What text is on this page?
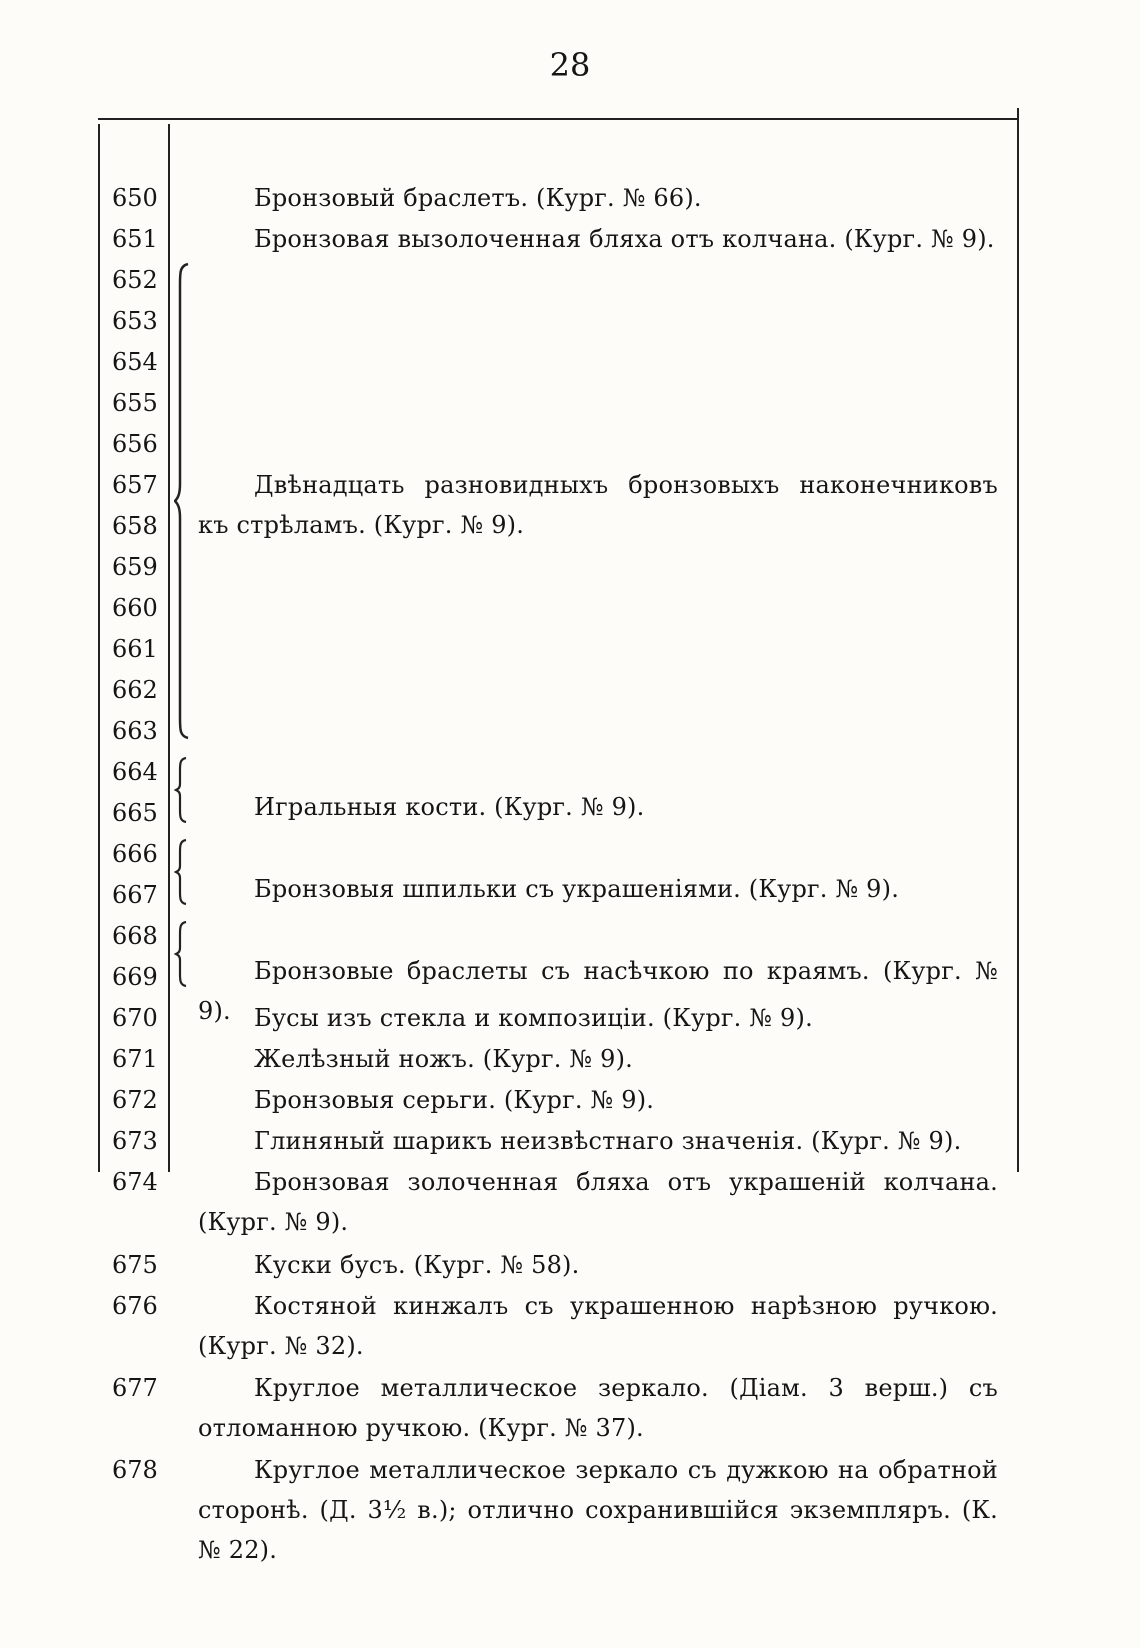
28
650
651
652
653
654
655
656
657
658
659
660
661
662
663
664
665
666
667
668
669
670
671
672
673
674
675
676
677
678
Бронзовый браслетъ. (Кург. № 66).
Бронзовая вызолоченная бляха отъ колчана. (Кург. № 9).
Двѣнадцать разновидныхъ бронзовыхъ наконечниковъ къ стрѣламъ. (Кург. № 9).
Игральныя кости. (Кург. № 9).
Бронзовыя шпильки съ украшеніями. (Кург. № 9).
Бронзовые браслеты съ насѣчкою по краямъ. (Кург. № 9). Бусы изъ стекла и композиціи. (Кург. № 9).
Желѣзный ножъ. (Кург. № 9).
Бронзовыя серьги. (Кург. № 9).
Глиняный шарикъ неизвѣстнаго значенія. (Кург. № 9).
Бронзовая золоченная бляха отъ украшеній колчана. (Кург. № 9).
Куски бусъ. (Кург. № 58).
Костяной кинжалъ съ украшенною нарѣзною ручкою. (Кург. № 32).
Круглое металлическое зеркало. (Діам. 3 верш.) съ отломанною ручкою. (Кург. № 37).
Круглое металлическое зеркало съ дужкою на обратной сторонѣ. (Д. 3½ в.); отлично сохранившійся экземпляръ. (К. № 22).
